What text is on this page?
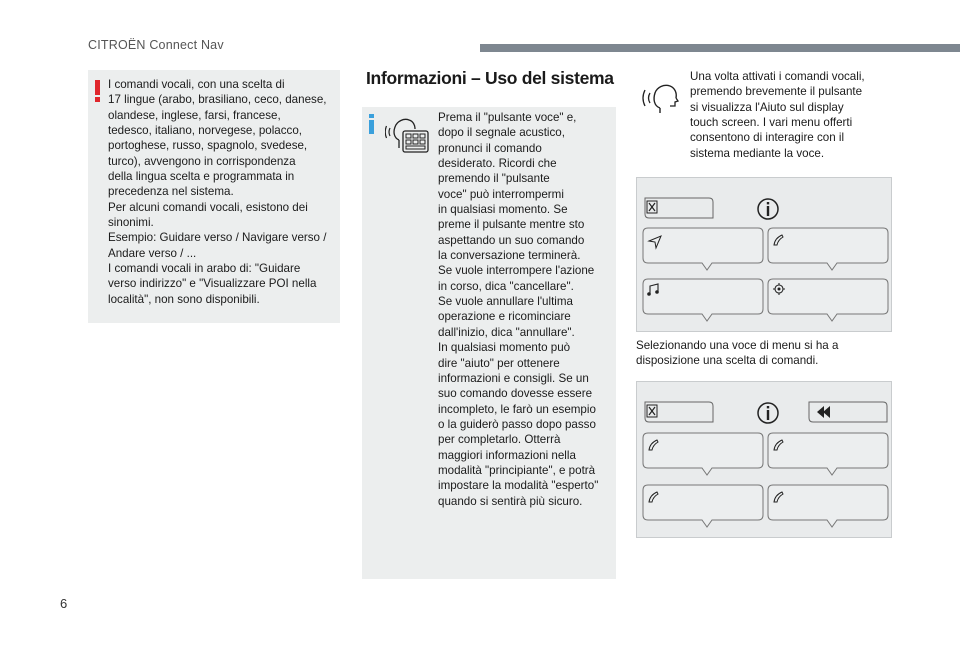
CITROËN Connect Nav
I comandi vocali, con una scelta di
17 lingue (arabo, brasiliano, ceco, danese,
olandese, inglese, farsi, francese,
tedesco, italiano, norvegese, polacco,
portoghese, russo, spagnolo, svedese,
turco), avvengono in corrispondenza
della lingua scelta e programmata in
precedenza nel sistema.
Per alcuni comandi vocali, esistono dei
sinonimi.
Esempio: Guidare verso / Navigare verso /
Andare verso / ...
I comandi vocali in arabo di: "Guidare
verso indirizzo" e "Visualizzare POI nella
località", non sono disponibili.
Informazioni – Uso del sistema
Prema il "pulsante voce" e,
dopo il segnale acustico,
pronunci il comando
desiderato. Ricordi che
premendo il "pulsante
voce" può interrompermi
in qualsiasi momento. Se
preme il pulsante mentre sto
aspettando un suo comando
la conversazione terminerà.
Se vuole interrompere l'azione
in corso, dica "cancellare".
Se vuole annullare l'ultima
operazione e ricominciare
dall'inizio, dica "annullare".
In qualsiasi momento può
dire "aiuto" per ottenere
informazioni e consigli. Se un
suo comando dovesse essere
incompleto, le farò un esempio
o la guiderò passo dopo passo
per completarlo. Otterrà
maggiori informazioni nella
modalità "principiante", e potrà
impostare la modalità "esperto"
quando si sentirà più sicuro.
Una volta attivati i comandi vocali,
premendo brevemente il pulsante
si visualizza l'Aiuto sul display
touch screen. I vari menu offerti
consentono di interagire con il
sistema mediante la voce.
Selezionando una voce di menu si ha a
disposizione una scelta di comandi.
6
